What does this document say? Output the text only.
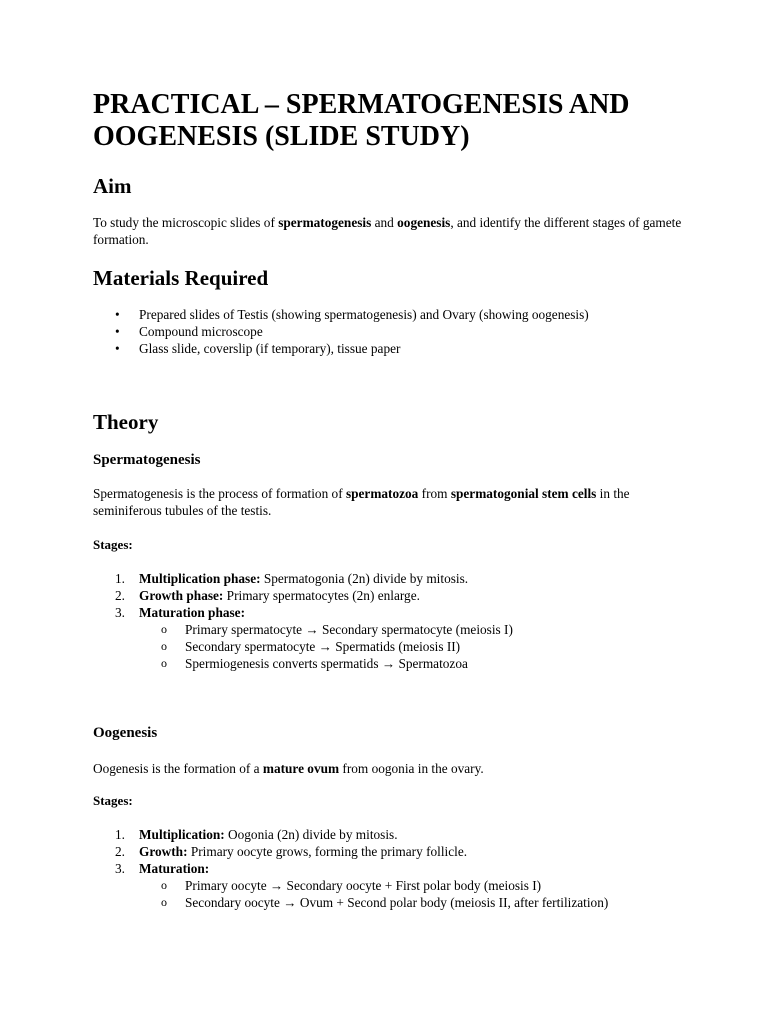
PRACTICAL – SPERMATOGENESIS AND OOGENESIS (SLIDE STUDY)
Aim

To study the microscopic slides of spermatogenesis and oogenesis, and identify the different stages of gamete formation.

Materials Required
• Prepared slides of Testis (showing spermatogenesis) and Ovary (showing oogenesis)
• Compound microscope
• Glass slide, coverslip (if temporary), tissue paper
Theory
Spermatogenesis

Spermatogenesis is the process of formation of spermatozoa from spermatogonial stem cells in the seminiferous tubules of the testis.

Stages:
1. Multiplication phase: Spermatogonia (2n) divide by mitosis.
2. Growth phase: Primary spermatocytes (2n) enlarge.
3. Maturation phase:
o Primary spermatocyte → Secondary spermatocyte (meiosis I)
o Secondary spermatocyte → Spermatids (meiosis II)
o Spermiogenesis converts spermatids → Spermatozoa
Oogenesis

Oogenesis is the formation of a mature ovum from oogonia in the ovary.

Stages:
1. Multiplication: Oogonia (2n) divide by mitosis.
2. Growth: Primary oocyte grows, forming the primary follicle.
3. Maturation:
o Primary oocyte → Secondary oocyte + First polar body (meiosis I)
o Secondary oocyte → Ovum + Second polar body (meiosis II, after fertilization)
